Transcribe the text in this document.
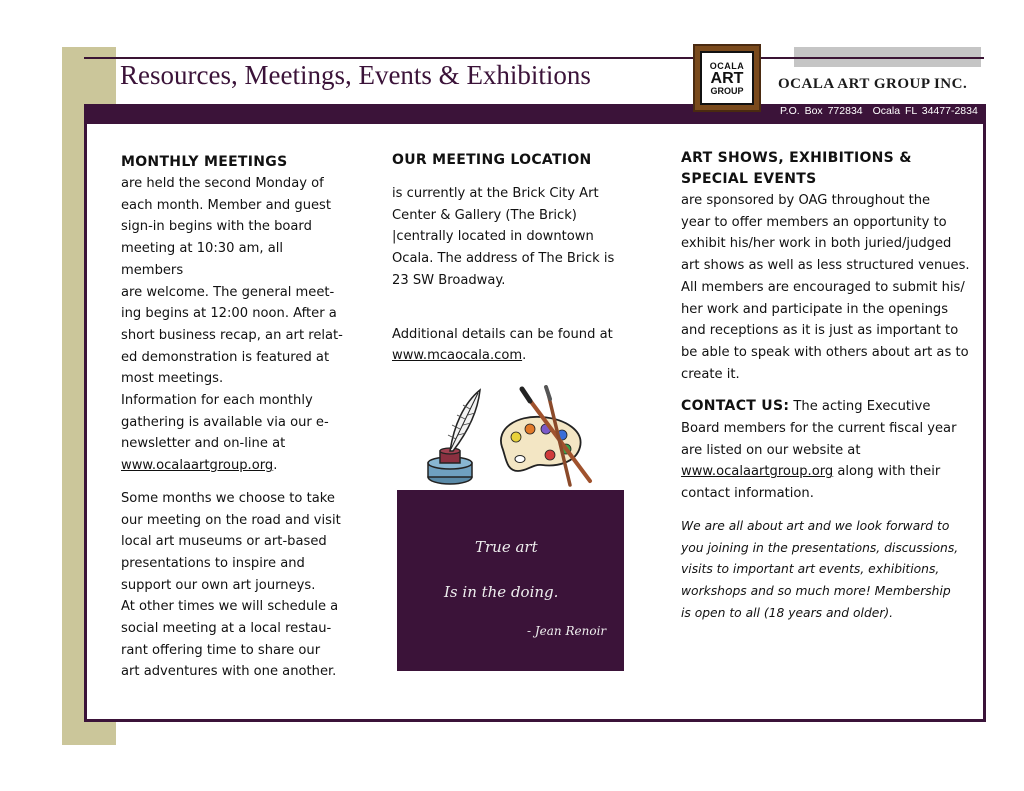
Resources, Meetings, Events & Exhibitions	OCALA
ART
GROUP OCALA ART GROUP INC.
P.O. Box 772834 Ocala FL 34477-2834
MONTHLY MEETINGS
are held the second Monday of
each month. Member and guest
sign-in begins with the board
meeting at 10:30 am, all members
are welcome. The general meet-
ing begins at 12:00 noon. After a
short business recap, an art relat-
ed demonstration is featured at
most meetings.
Information for each monthly
gathering is available via our e-
newsletter and on-line at
www.ocalaartgroup.org.
Some months we choose to take
our meeting on the road and visit
local art museums or art-based
presentations to inspire and
support our own art journeys.
At other times we will schedule a
social meeting at a local restau-
rant offering time to share our
art adventures with one another.
OUR MEETING LOCATION
is currently at the Brick City Art
Center & Gallery (The Brick)
|centrally located in downtown
Ocala. The address of The Brick is
23 SW Broadway.
Additional details can be found at
www.mcaocala.com.
True art
Is in the doing.
- Jean Renoir
ART SHOWS, EXHIBITIONS &
SPECIAL EVENTS
are sponsored by OAG throughout the
year to offer members an opportunity to
exhibit his/her work in both juried/judged
art shows as well as less structured venues.
All members are encouraged to submit his/
her work and participate in the openings
and receptions as it is just as important to
be able to speak with others about art as to
create it.
CONTACT US: The acting Executive
Board members for the current fiscal year
are listed on our website at
www.ocalaartgroup.org along with their
contact information.
We are all about art and we look forward to
you joining in the presentations, discussions,
visits to important art events, exhibitions,
workshops and so much more! Membership
is open to all (18 years and older).
